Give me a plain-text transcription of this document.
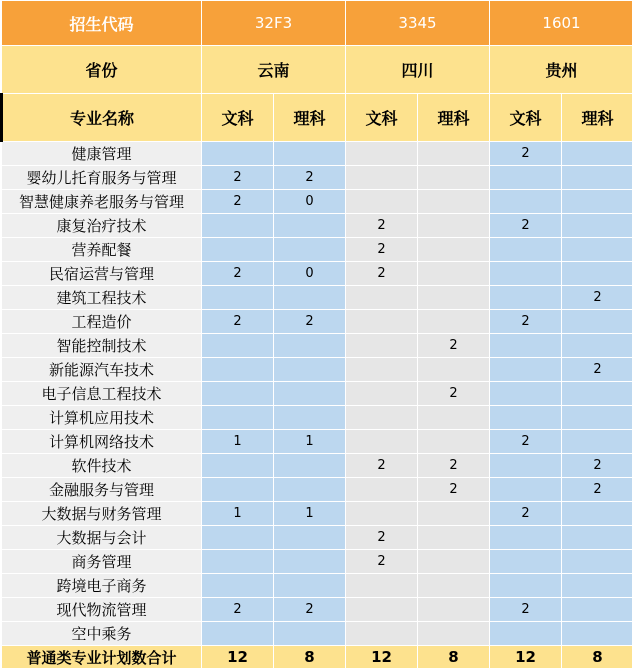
招生代码	32F3		3345		1601	
省份	云南		四川		贵州	
专业名称	文科	理科	文科	理科	文科	理科
健康管理					2	
婴幼儿托育服务与管理	2	2				
智慧健康养老服务与管理	2	0				
康复治疗技术			2		2	
营养配餐			2			
民宿运营与管理	2	0	2			
建筑工程技术						2
工程造价	2	2			2	
智能控制技术				2		
新能源汽车技术						2
电子信息工程技术				2		
计算机应用技术						
计算机网络技术	1	1			2	
软件技术			2	2		2
金融服务与管理				2		2
大数据与财务管理	1	1			2	
大数据与会计			2			
商务管理			2			
跨境电子商务						
现代物流管理	2	2			2	
空中乘务						
普通类专业计划数合计	12	8	12	8	12	8
